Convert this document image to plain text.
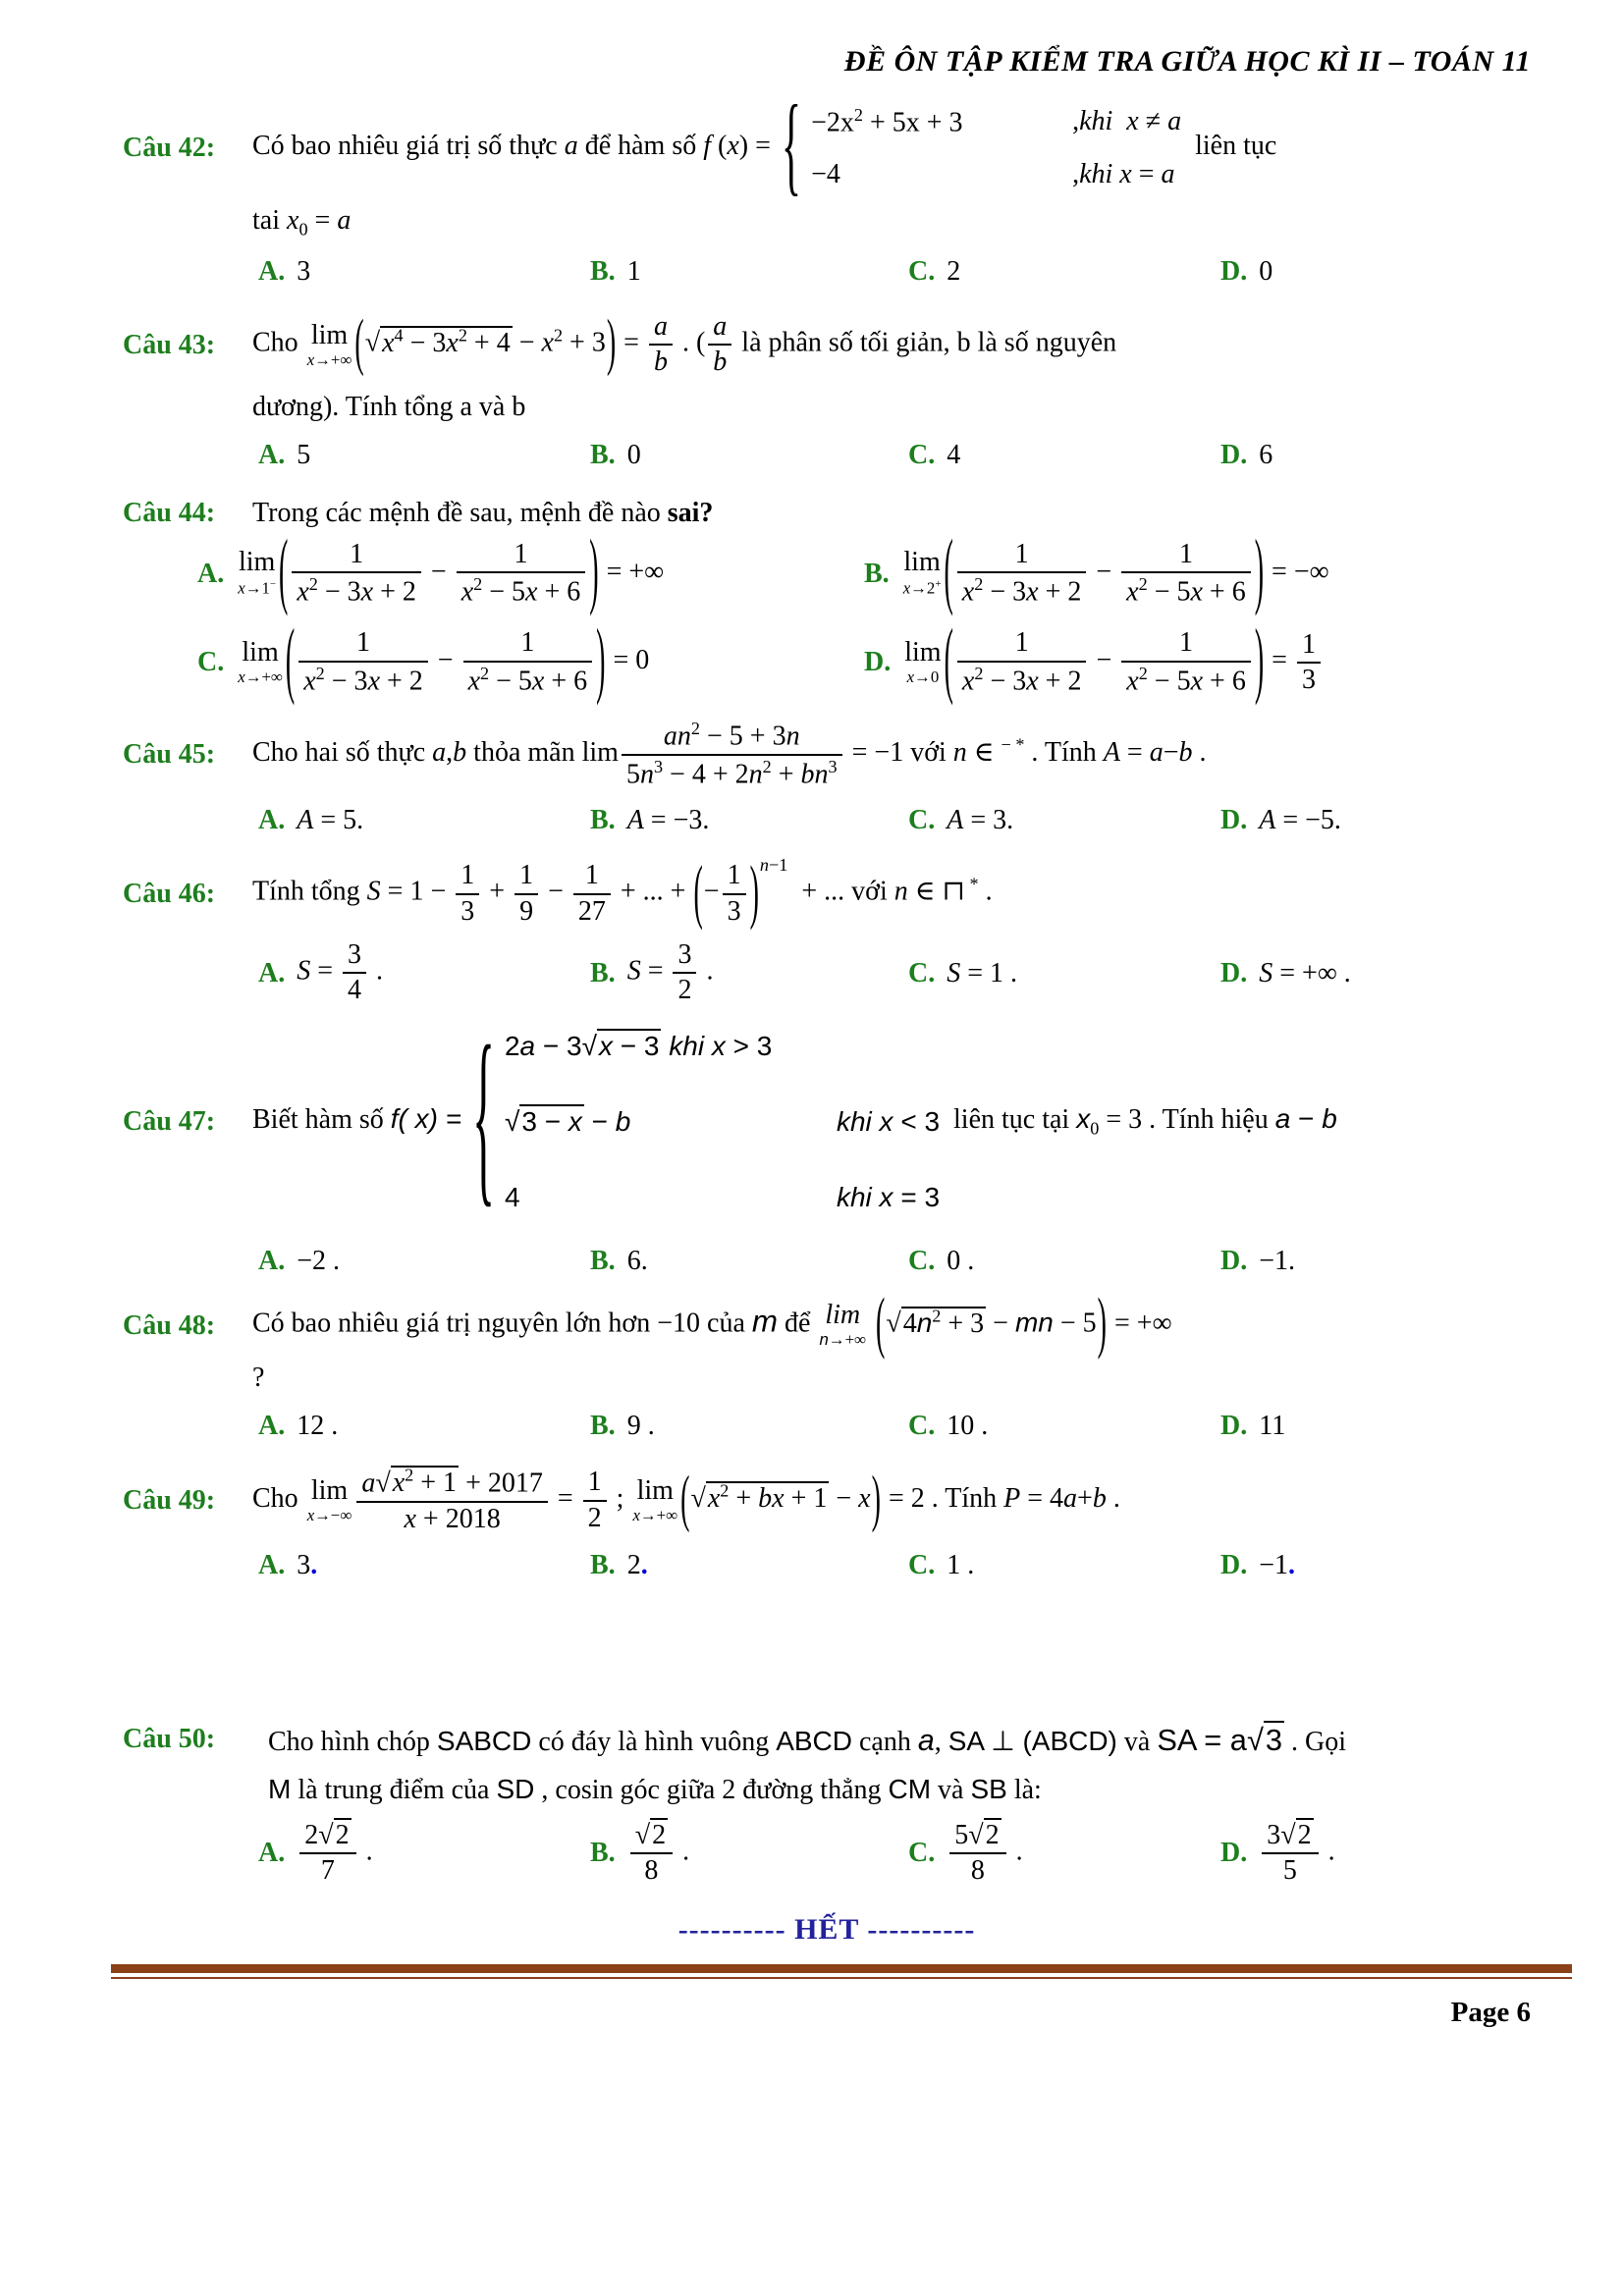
ĐỀ ÔN TẬP KIỂM TRA GIỮA HỌC KÌ II – TOÁN 11
Câu 42:	Có bao nhiêu giá trị số thực a để hàm số f (x) = { $-2x^2 + 5x + 3$	,khi x ≠ a
−4	,khi x = a
liên tục
tai $x_0 = a$
A. 3	B. 1	C. 2	D. 0
Câu 43:	Cho lim
x→+∞ $(√x^4 - 3x^2 + 4 - x^2 + 3) = \frac{a}{b}$ . ( $\frac{a}{b}$ là phân số tối giản, b là số nguyên
dương). Tính tổng a và b
A. 5	B. 0	C. 4	D. 6
Câu 44:	Trong các mệnh đề sau, mệnh đề nào sai?
A. lim
x→1− ( $\frac{1}{x^2 - 3x + 2} - \frac{1}{x^2 - 5x + 6}$ ) = +∞	B. lim
x→2+ ( $\frac{1}{x^2 - 3x + 2} - \frac{1}{x^2 - 5x + 6}$ ) = −∞
C. lim
x→+∞ ( $\frac{1}{x^2 - 3x + 2} - \frac{1}{x^2 - 5x + 6}$ ) = 0	D. lim
x→0 ( $\frac{1}{x^2 - 3x + 2} - \frac{1}{x^2 - 5x + 6}$ ) = $\frac{1}{3}$
Câu 45:	Cho hai số thực a,b thỏa mãn $\lim \frac{an^2 - 5 + 3n}{5n^3 - 4 + 2n^2 + bn^3} = -1$ với n ∈ − * . Tính A = a−b .
A. A = 5.	B. A = −3.	C. A = 3.	D. A = −5.
Câu 46:	Tính tổng $S = 1 - \frac{1}{3} + \frac{1}{9} - \frac{1}{27}$ + ... + (− $\frac{1}{3} )^{n-1}$  + ... với n ∈ ⊓ * .
A. $S = \frac{3}{4}$ .	B. $S = \frac{3}{2}$ .	C. S = 1 .	D. S = +∞ .
Câu 47:	Biết hàm số f( x) = { 2a − 3√x − 3 khi x > 3
√3 − x − b	khi x < 3
4	khi x = 3
liên tục tại $x_0 = 3$ . Tính hiệu a − b
A. −2 .	B. 6.	C. 0 .	D. −1.
Câu 48:	Có bao nhiêu giá trị nguyên lớn hơn −10 của m để lim
n→+∞ ($√4n^2 + 3$ − mn − 5) = +∞
?
A. 12 .	B. 9 .	C. 10 .	D. 11
Câu 49:	Cho lim
$x\to-\infty \frac{a√x^2 + 1 + 2017}{x + 2018} = \frac{1}{2}$ ; lim
x→+∞ ($√x^2$ + bx + 1 − x) = 2 . Tính P = 4a+b .
A. 3.	B. 2.	C. 1 .	D. −1.
Câu 50:	Cho hình chóp SABCD có đáy là hình vuông ABCD cạnh a, SA ⊥ (ABCD) và SA = a√3 . Gọi
M là trung điểm của SD , cosin góc giữa 2 đường thẳng CM và SB là:
A. $\frac{2√2}{7}$ .	B. $\frac{√2}{8}$ .	C. $\frac{5√2}{8}$ .	D. $\frac{3√2}{5}$ .
---------- HẾT ----------
Page 6
